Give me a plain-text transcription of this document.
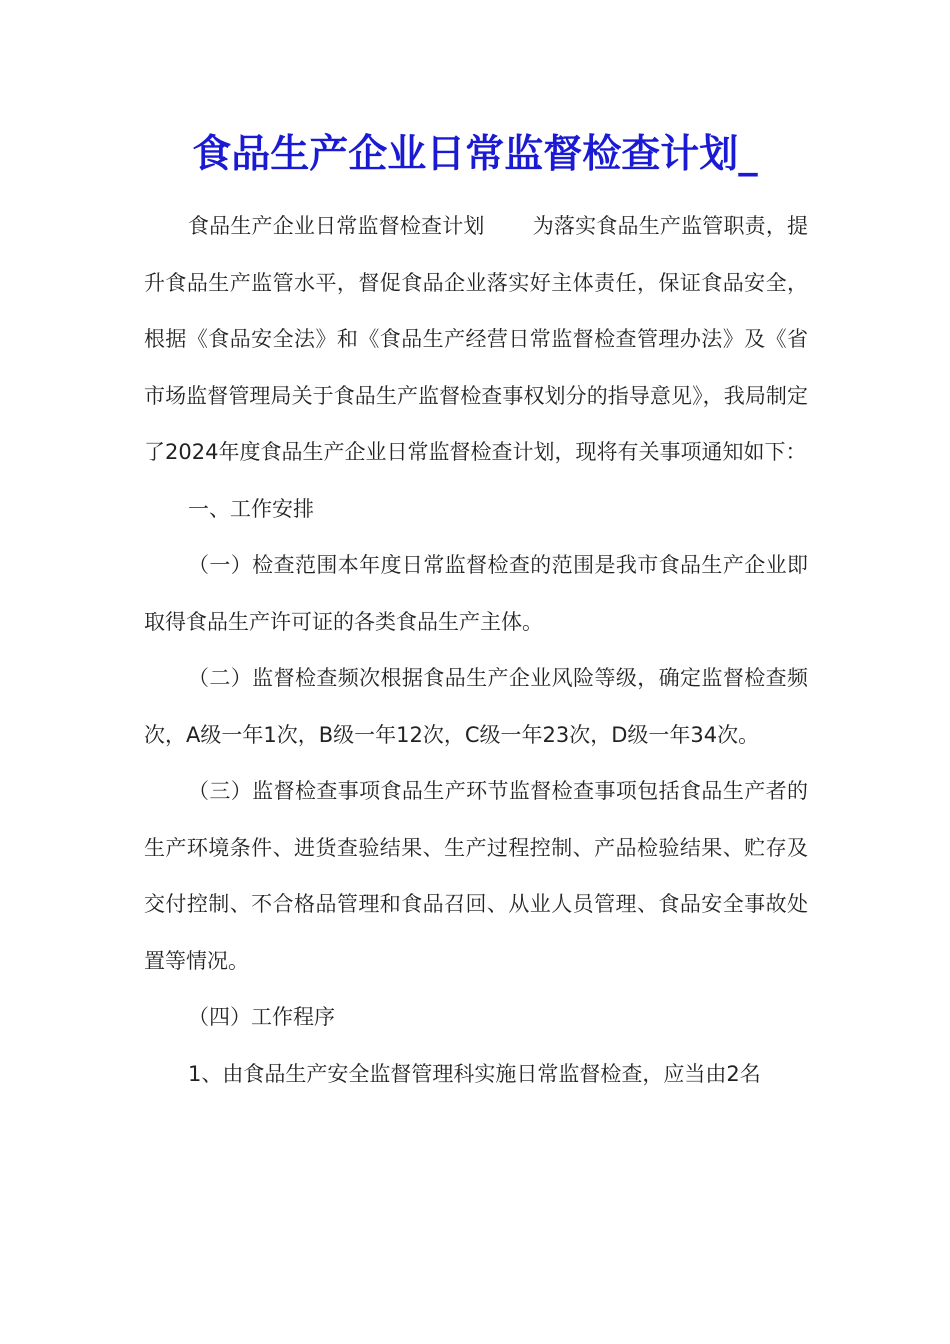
食品生产企业日常监督检查计划_

食品生产企业日常监督检查计划 为落实食品生产监管职责，提升食品生产监管水平，督促食品企业落实好主体责任，保证食品安全，根据《食品安全法》和《食品生产经营日常监督检查管理办法》及《省市场监督管理局关于食品生产监督检查事权划分的指导意见》，我局制定了2024年度食品生产企业日常监督检查计划，现将有关事项通知如下：

一、工作安排

（一）检查范围本年度日常监督检查的范围是我市食品生产企业即取得食品生产许可证的各类食品生产主体。

（二）监督检查频次根据食品生产企业风险等级，确定监督检查频次，A级一年1次，B级一年12次，C级一年23次，D级一年34次。

（三）监督检查事项食品生产环节监督检查事项包括食品生产者的生产环境条件、进货查验结果、生产过程控制、产品检验结果、贮存及交付控制、不合格品管理和食品召回、从业人员管理、食品安全事故处置等情况。

（四）工作程序

1、由食品生产安全监督管理科实施日常监督检查，应当由2名
